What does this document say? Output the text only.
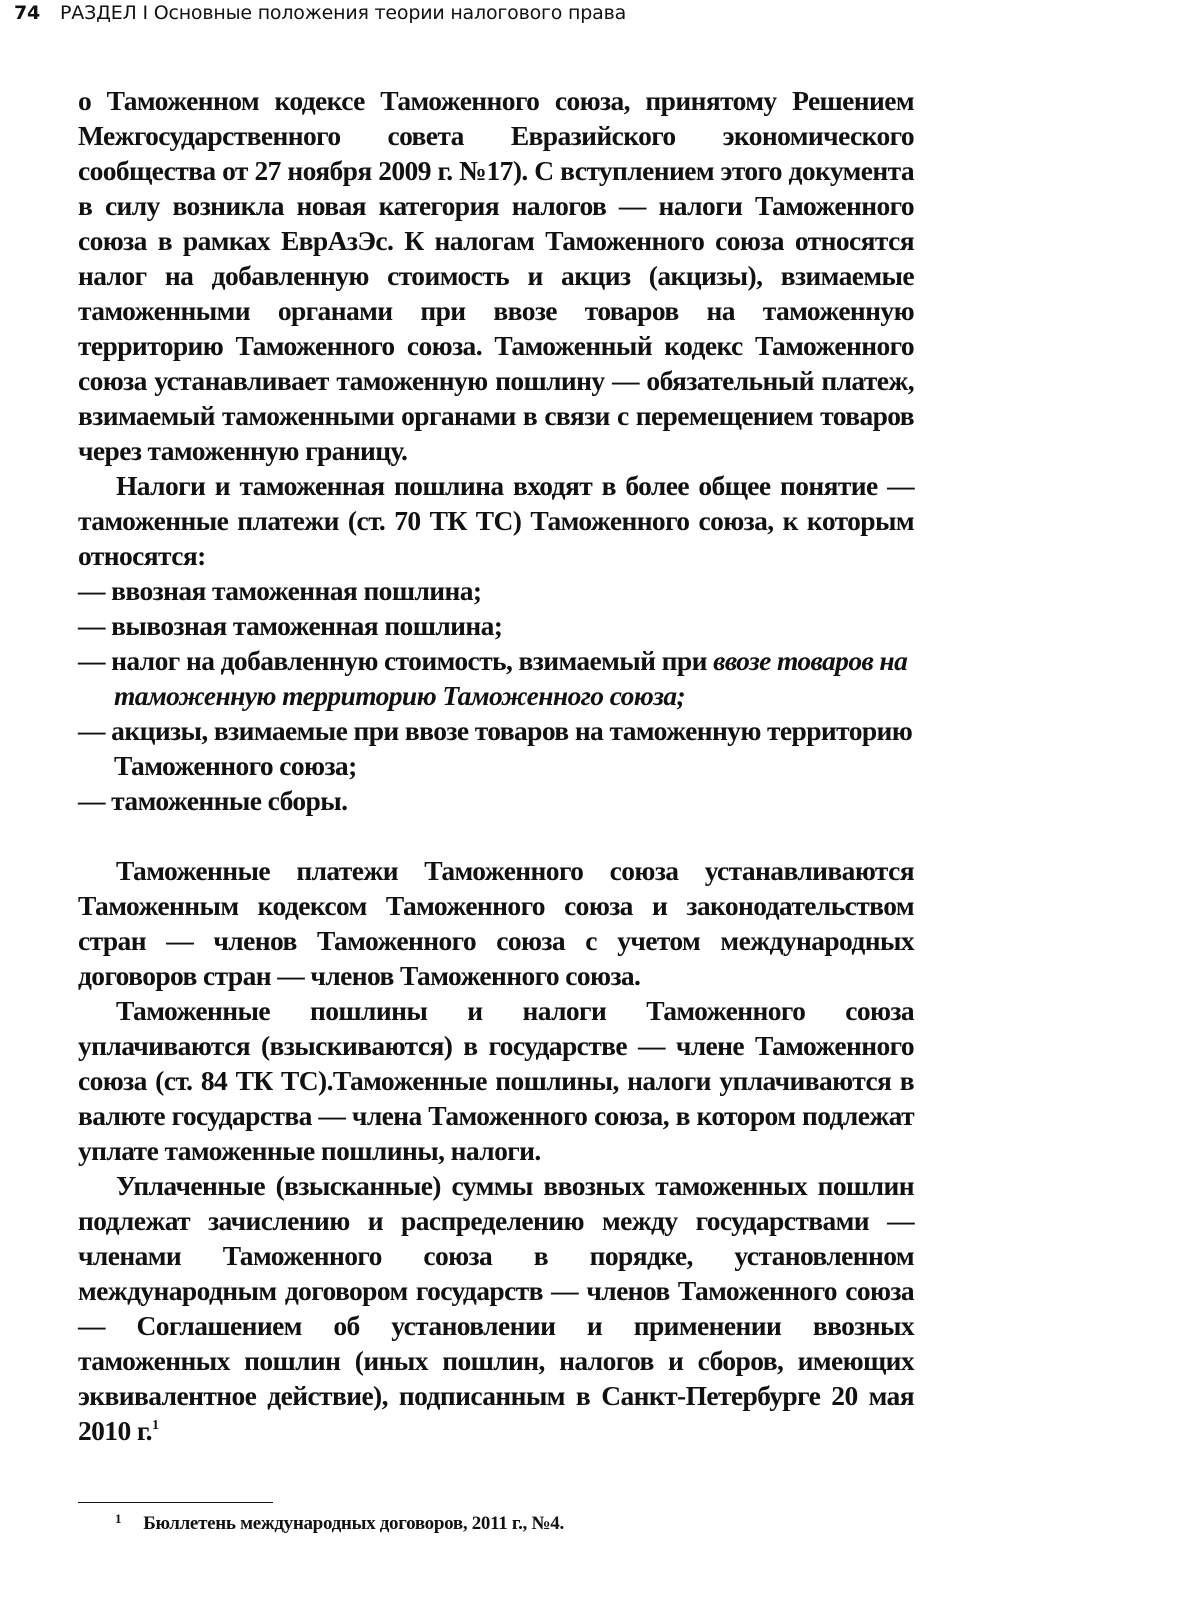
74 РАЗДЕЛ I Основные положения теории налогового права

о Таможенном кодексе Таможенного союза, принятому Решением Межгосударственного совета Евразийского экономического сообщества от 27 ноября 2009 г. №17). С вступлением этого документа в силу возникла новая категория налогов — налоги Таможенного союза в рамках ЕврАзЭс. К налогам Таможенного союза относятся налог на добавленную стоимость и акциз (акцизы), взимаемые таможенными органами при ввозе товаров на таможенную территорию Таможенного союза. Таможенный кодекс Таможенного союза устанавливает таможенную пошлину — обязательный платеж, взимаемый таможенными органами в связи с перемещением товаров через таможенную границу.

Налоги и таможенная пошлина входят в более общее понятие — таможенные платежи (ст. 70 ТК ТС) Таможенного союза, к которым относятся:

— ввозная таможенная пошлина;
— вывозная таможенная пошлина;
— налог на добавленную стоимость, взимаемый при ввозе товаров на таможенную территорию Таможенного союза;
— акцизы, взимаемые при ввозе товаров на таможенную территорию Таможенного союза;
— таможенные сборы.

Таможенные платежи Таможенного союза устанавливаются Таможенным кодексом Таможенного союза и законодательством стран — членов Таможенного союза с учетом международных договоров стран — членов Таможенного союза.

Таможенные пошлины и налоги Таможенного союза уплачиваются (взыскиваются) в государстве — члене Таможенного союза (ст. 84 ТК ТС).Таможенные пошлины, налоги уплачиваются в валюте государства — члена Таможенного союза, в котором подлежат уплате таможенные пошлины, налоги.

Уплаченные (взысканные) суммы ввозных таможенных пошлин подлежат зачислению и распределению между государствами — членами Таможенного союза в порядке, установленном международным договором государств — членов Таможенного союза — Соглашением об установлении и применении ввозных таможенных пошлин (иных пошлин, налогов и сборов, имеющих эквивалентное действие), подписанным в Санкт-Петербурге 20 мая 2010 г.$^1$

$^1$ Бюллетень международных договоров, 2011 г., №4.
